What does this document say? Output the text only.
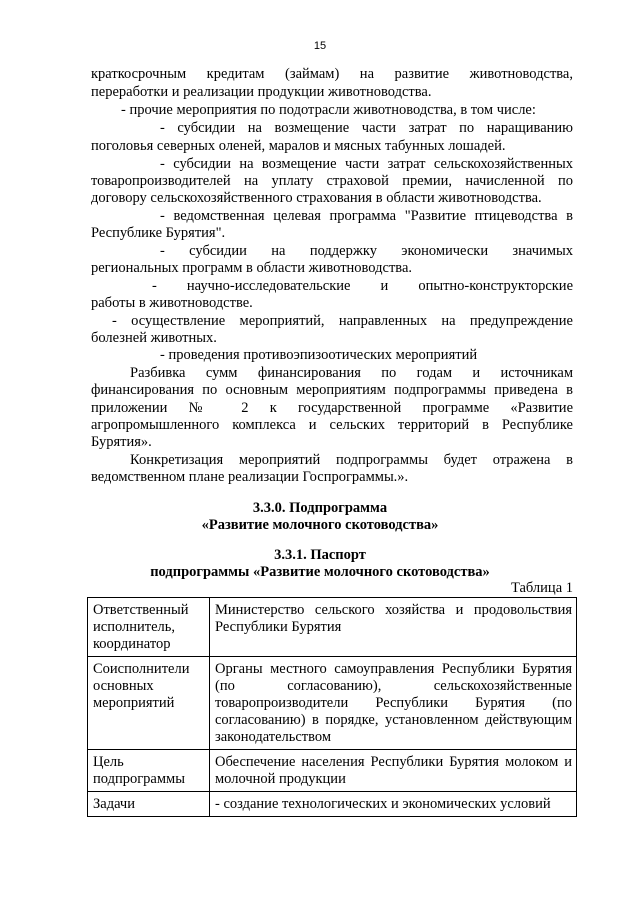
15
краткосрочным кредитам (займам) на развитие животноводства,
переработки и реализации продукции животноводства.
- прочие мероприятия по подотрасли животноводства, в том числе:
- субсидии на возмещение части затрат по наращиванию
поголовья северных оленей, маралов и мясных табунных лошадей.
- субсидии на возмещение части затрат сельскохозяйственных
товаропроизводителей на уплату страховой премии, начисленной по
договору сельскохозяйственного страхования в области животноводства.
- ведомственная целевая программа "Развитие птицеводства в
Республике Бурятия".
- субсидии на поддержку экономически значимых
региональных программ в области животноводства.
- научно-исследовательские и опытно-конструкторские
работы в животноводстве.
- осуществление мероприятий, направленных на предупреждение
болезней животных.
- проведения противоэпизоотических мероприятий
Разбивка сумм финансирования по годам и источникам
финансирования по основным мероприятиям подпрограммы приведена в
приложении № 2 к государственной программе «Развитие
агропромышленного комплекса и сельских территорий в Республике
Бурятия».
Конкретизация мероприятий подпрограммы будет отражена в
ведомственном плане реализации Госпрограммы.».
3.3.0. Подпрограмма
«Развитие молочного скотоводства»
3.3.1. Паспорт
подпрограммы «Развитие молочного скотоводства»
Таблица 1
Ответственный исполнитель, координатор	Министерство сельского хозяйства и продовольствия Республики Бурятия
Соисполнители основных мероприятий	Органы местного самоуправления Республики Бурятия (по согласованию), сельскохозяйственные товаропроизводители Республики Бурятия (по согласованию) в порядке, установленном действующим законодательством
Цель подпрограммы	Обеспечение населения Республики Бурятия молоком и молочной продукции
Задачи	- создание технологических и экономических условий
